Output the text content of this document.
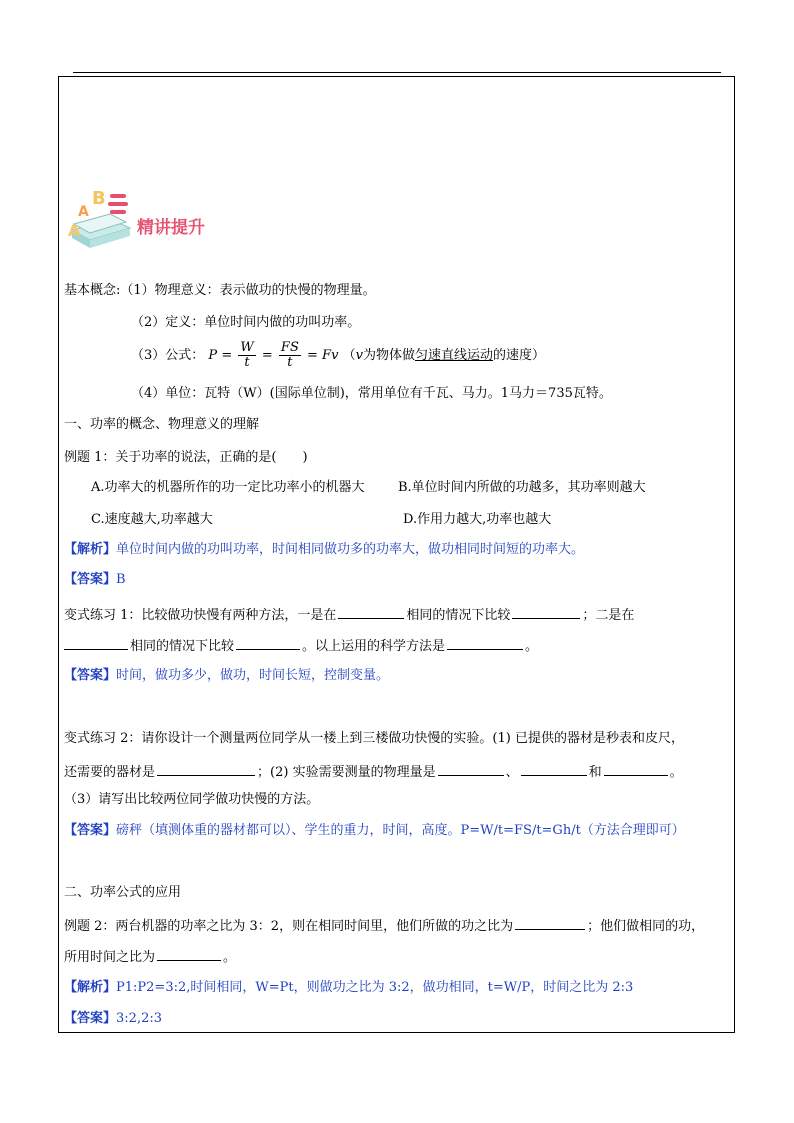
B
A
A	精讲提升
基本概念:（1）物理意义：表示做功的快慢的物理量。
（2）定义：单位时间内做的功叫功率。
（3）公式： $P = \frac{W}{t} = \frac{FS}{t} = Fv$ （v为物体做匀速直线运动的速度）
（4）单位：瓦特（W）(国际单位制)，常用单位有千瓦、马力。1马力＝735瓦特。
一、功率的概念、物理意义的理解
例题 1：关于功率的说法，正确的是(　　)
A.功率大的机器所作的功一定比功率小的机器大	B.单位时间内所做的功越多，其功率则越大
C.速度越大,功率越大	D.作用力越大,功率也越大
【解析】单位时间内做的功叫功率，时间相同做功多的功率大，做功相同时间短的功率大。
【答案】B
变式练习 1：比较做功快慢有两种方法，一是在	相同的情况下比较	；二是在
相同的情况下比较	。以上运用的科学方法是	。
【答案】时间，做功多少，做功，时间长短，控制变量。
变式练习 2：请你设计一个测量两位同学从一楼上到三楼做功快慢的实验。(1) 已提供的器材是秒表和皮尺，
还需要的器材是	；(2) 实验需要测量的物理量是	、	和	。
（3）请写出比较两位同学做功快慢的方法。
【答案】磅秤（填测体重的器材都可以）、学生的重力，时间，高度。P=W/t=FS/t=Gh/t（方法合理即可）
二、功率公式的应用
例题 2：两台机器的功率之比为 3：2，则在相同时间里，他们所做的功之比为	；他们做相同的功，
所用时间之比为	。
【解析】P1:P2=3:2,时间相同，W=Pt，则做功之比为 3:2，做功相同，t=W/P，时间之比为 2:3
【答案】3:2,2:3
